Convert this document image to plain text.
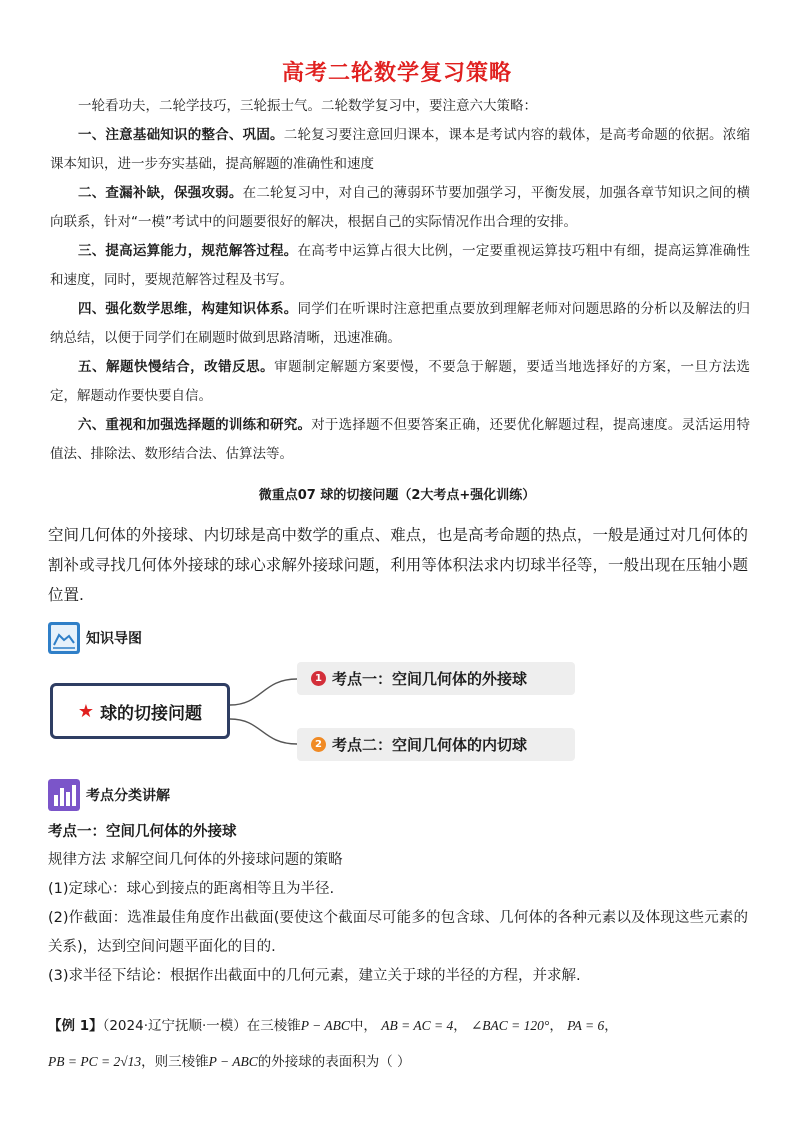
高考二轮数学复习策略

一轮看功夫，二轮学技巧，三轮振士气。二轮数学复习中，要注意六大策略：

一、注意基础知识的整合、巩固。二轮复习要注意回归课本，课本是考试内容的载体，是高考命题的依据。浓缩课本知识，进一步夯实基础，提高解题的准确性和速度

二、查漏补缺，保强攻弱。在二轮复习中，对自己的薄弱环节要加强学习，平衡发展，加强各章节知识之间的横向联系，针对“一模”考试中的问题要很好的解决，根据自己的实际情况作出合理的安排。

三、提高运算能力，规范解答过程。在高考中运算占很大比例，一定要重视运算技巧粗中有细，提高运算准确性和速度，同时，要规范解答过程及书写。

四、强化数学思维，构建知识体系。同学们在听课时注意把重点要放到理解老师对问题思路的分析以及解法的归纳总结，以便于同学们在刷题时做到思路清晰，迅速准确。

五、解题快慢结合，改错反思。审题制定解题方案要慢，不要急于解题，要适当地选择好的方案，一旦方法选定，解题动作要快要自信。

六、重视和加强选择题的训练和研究。对于选择题不但要答案正确，还要优化解题过程，提高速度。灵活运用特值法、排除法、数形结合法、估算法等。

微重点07 球的切接问题（2大考点+强化训练）

空间几何体的外接球、内切球是高中数学的重点、难点，也是高考命题的热点，一般是通过对几何体的割补或寻找几何体外接球的球心求解外接球问题，利用等体积法求内切球半径等，一般出现在压轴小题位置.

知识导图
★ 球的切接问题
1 考点一：空间几何体的外接球
2 考点二：空间几何体的内切球
考点分类讲解

考点一：空间几何体的外接球

规律方法 求解空间几何体的外接球问题的策略

(1)定球心：球心到接点的距离相等且为半径.

(2)作截面：选准最佳角度作出截面(要使这个截面尽可能多的包含球、几何体的各种元素以及体现这些元素的关系)，达到空间问题平面化的目的.

(3)求半径下结论：根据作出截面中的几何元素，建立关于球的半径的方程，并求解.

【例 1】（2024·辽宁抚顺·一模）在三棱锥P − ABC中， AB = AC = 4， ∠BAC = 120°， PA = 6，

PB = PC = 2√13，则三棱锥P − ABC的外接球的表面积为（ ）
